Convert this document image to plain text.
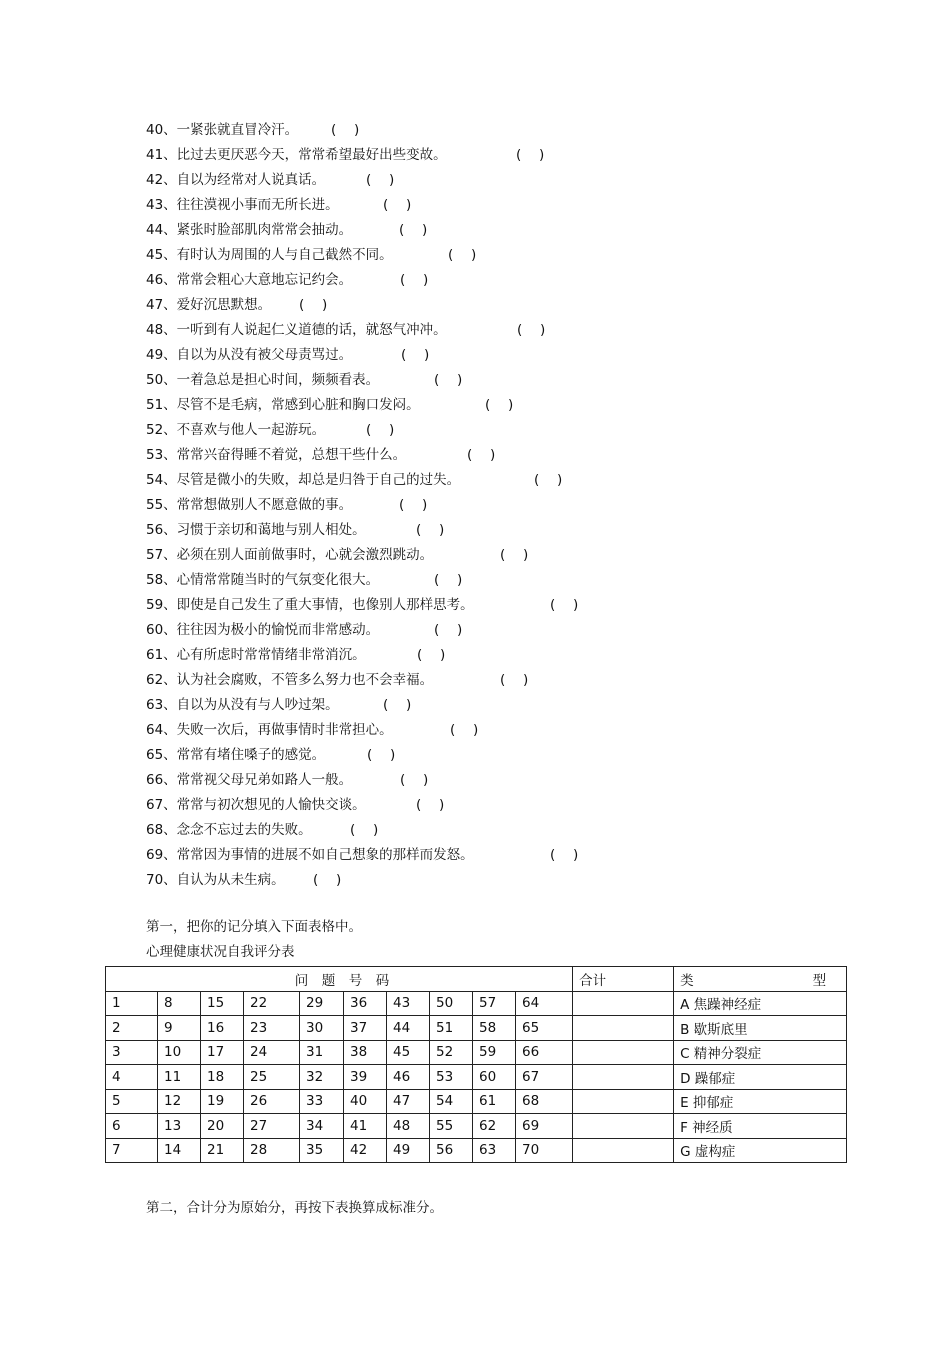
40、一紧张就直冒冷汗。 (　 )
41、比过去更厌恶今天，常常希望最好出些变故。	(　 )
42、自以为经常对人说真话。	(　 )
43、往往漠视小事而无所长进。	(　 )
44、紧张时脸部肌肉常常会抽动。	(　 )
45、有时认为周围的人与自己截然不同。	(　 )
46、常常会粗心大意地忘记约会。	(　 )
47、爱好沉思默想。 (　 )
48、一听到有人说起仁义道德的话，就怒气冲冲。	(　 )
49、自以为从没有被父母责骂过。	(　 )
50、一着急总是担心时间，频频看表。	(　 )
51、尽管不是毛病，常感到心脏和胸口发闷。	(　 )
52、不喜欢与他人一起游玩。	(　 )
53、常常兴奋得睡不着觉，总想干些什么。	(　 )
54、尽管是微小的失败，却总是归咎于自己的过失。	(　 )
55、常常想做别人不愿意做的事。	(　 )
56、习惯于亲切和蔼地与别人相处。	(　 )
57、必须在别人面前做事时，心就会激烈跳动。	(　 )
58、心情常常随当时的气氛变化很大。	(　 )
59、即使是自己发生了重大事情，也像别人那样思考。	(　 )
60、往往因为极小的愉悦而非常感动。	(　 )
61、心有所虑时常常情绪非常消沉。	(　 )
62、认为社会腐败，不管多么努力也不会幸福。	(　 )
63、自以为从没有与人吵过架。	(　 )
64、失败一次后，再做事情时非常担心。	(　 )
65、常常有堵住嗓子的感觉。	(　 )
66、常常视父母兄弟如路人一般。	(　 )
67、常常与初次想见的人愉快交谈。	(　 )
68、念念不忘过去的失败。	(　 )
69、常常因为事情的进展不如自己想象的那样而发怒。	(　 )
70、自认为从未生病。 (　 )
第一，把你的记分填入下面表格中。
心理健康状况自我评分表
问　题　号　码										合计	类 型

1	8	15	22	29	36	43	50	57	64		A 焦躁神经症
2	9	16	23	30	37	44	51	58	65		B 歇斯底里
3	10	17	24	31	38	45	52	59	66		C 精神分裂症
4	11	18	25	32	39	46	53	60	67		D 躁郁症
5	12	19	26	33	40	47	54	61	68		E 抑郁症
6	13	20	27	34	41	48	55	62	69		F 神经质
7	14	21	28	35	42	49	56	63	70		G 虚构症
第二，合计分为原始分，再按下表换算成标准分。
